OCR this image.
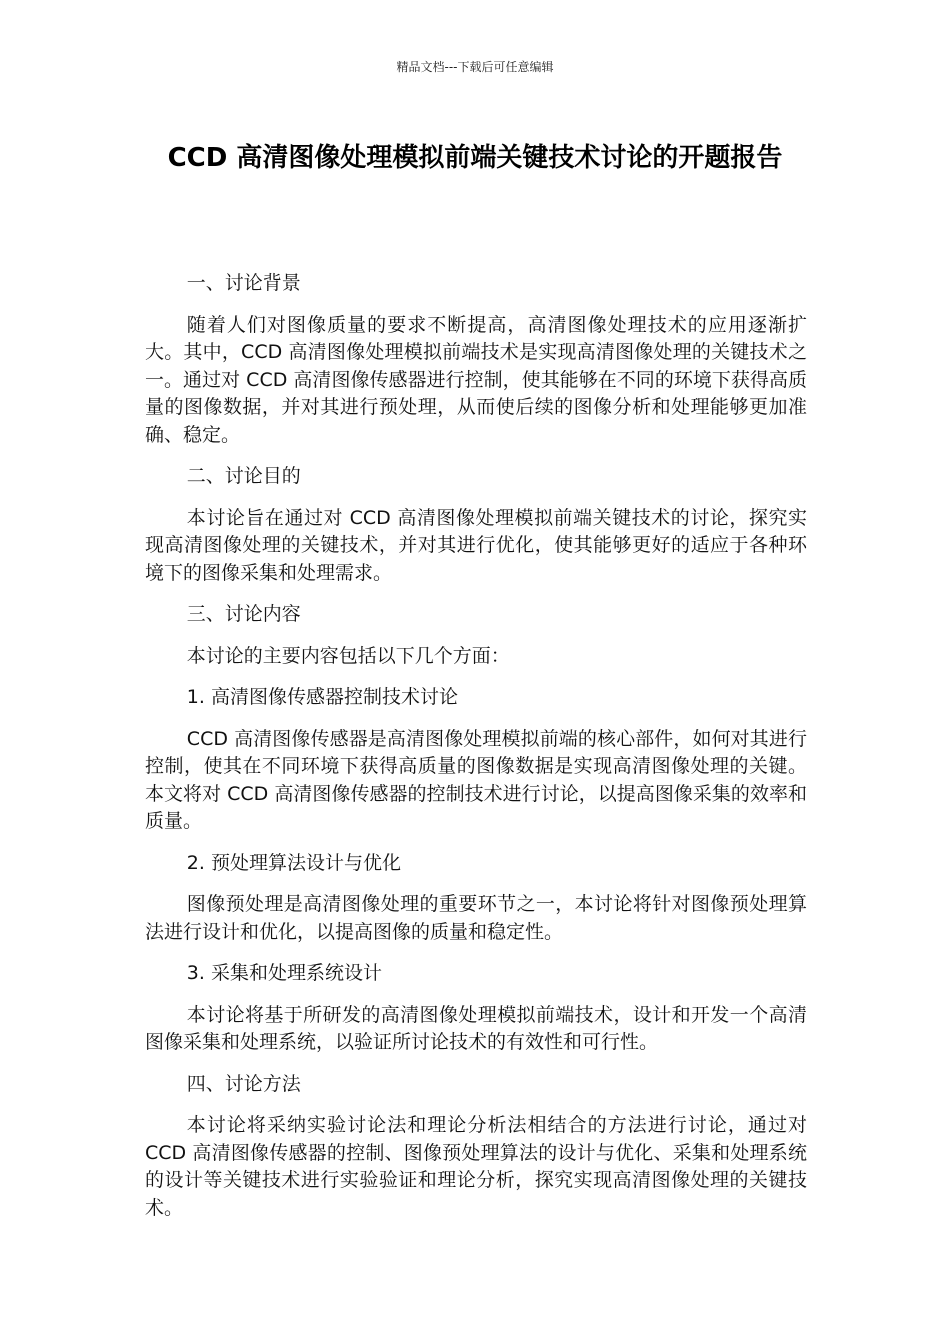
精品文档---下载后可任意编辑
CCD 高清图像处理模拟前端关键技术讨论的开题报告

一、讨论背景

随着人们对图像质量的要求不断提高，高清图像处理技术的应用逐渐扩大。其中，CCD 高清图像处理模拟前端技术是实现高清图像处理的关键技术之一。通过对 CCD 高清图像传感器进行控制，使其能够在不同的环境下获得高质量的图像数据，并对其进行预处理，从而使后续的图像分析和处理能够更加准确、稳定。

二、讨论目的

本讨论旨在通过对 CCD 高清图像处理模拟前端关键技术的讨论，探究实现高清图像处理的关键技术，并对其进行优化，使其能够更好的适应于各种环境下的图像采集和处理需求。

三、讨论内容

本讨论的主要内容包括以下几个方面：

1. 高清图像传感器控制技术讨论

CCD 高清图像传感器是高清图像处理模拟前端的核心部件，如何对其进行控制，使其在不同环境下获得高质量的图像数据是实现高清图像处理的关键。本文将对 CCD 高清图像传感器的控制技术进行讨论，以提高图像采集的效率和质量。

2. 预处理算法设计与优化

图像预处理是高清图像处理的重要环节之一，本讨论将针对图像预处理算法进行设计和优化，以提高图像的质量和稳定性。

3. 采集和处理系统设计

本讨论将基于所研发的高清图像处理模拟前端技术，设计和开发一个高清图像采集和处理系统，以验证所讨论技术的有效性和可行性。

四、讨论方法

本讨论将采纳实验讨论法和理论分析法相结合的方法进行讨论，通过对 CCD 高清图像传感器的控制、图像预处理算法的设计与优化、采集和处理系统的设计等关键技术进行实验验证和理论分析，探究实现高清图像处理的关键技术。
